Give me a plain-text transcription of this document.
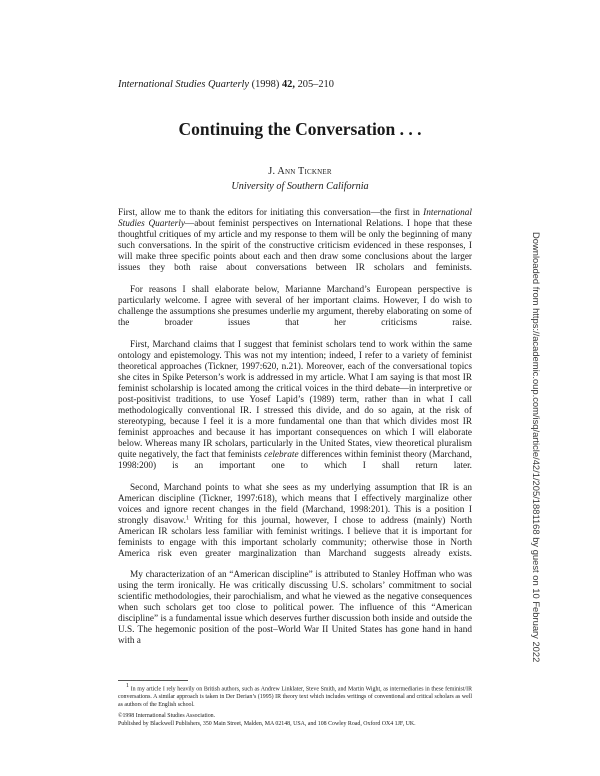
International Studies Quarterly (1998) 42, 205–210
Continuing the Conversation . . .
J. Ann Tickner
University of Southern California

First, allow me to thank the editors for initiating this conversation—the first in International Studies Quarterly—about feminist perspectives on International Relations. I hope that these thoughtful critiques of my article and my response to them will be only the beginning of many such conversations. In the spirit of the constructive criticism evidenced in these responses, I will make three specific points about each and then draw some conclusions about the larger issues they both raise about conversations between IR scholars and feminists.

For reasons I shall elaborate below, Marianne Marchand’s European perspective is particularly welcome. I agree with several of her important claims. However, I do wish to challenge the assumptions she presumes underlie my argument, thereby elaborating on some of the broader issues that her criticisms raise.

First, Marchand claims that I suggest that feminist scholars tend to work within the same ontology and epistemology. This was not my intention; indeed, I refer to a variety of feminist theoretical approaches (Tickner, 1997:620, n.21). Moreover, each of the conversational topics she cites in Spike Peterson’s work is addressed in my article. What I am saying is that most IR feminist scholarship is located among the critical voices in the third debate—in interpretive or post-positivist traditions, to use Yosef Lapid’s (1989) term, rather than in what I call methodologically conventional IR. I stressed this divide, and do so again, at the risk of stereotyping, because I feel it is a more fundamental one than that which divides most IR feminist approaches and because it has important consequences on which I will elaborate below. Whereas many IR scholars, particularly in the United States, view theoretical pluralism quite negatively, the fact that feminists celebrate differences within feminist theory (Marchand, 1998:200) is an important one to which I shall return later.

Second, Marchand points to what she sees as my underlying assumption that IR is an American discipline (Tickner, 1997:618), which means that I effectively marginalize other voices and ignore recent changes in the field (Marchand, 1998:201). This is a position I strongly disavow.$^1$ Writing for this journal, however, I chose to address (mainly) North American IR scholars less familiar with feminist writings. I believe that it is important for feminists to engage with this important scholarly community; otherwise those in North America risk even greater marginalization than Marchand suggests already exists.

My characterization of an “American discipline” is attributed to Stanley Hoffman who was using the term ironically. He was critically discussing U.S. scholars’ commitment to social scientific methodologies, their parochialism, and what he viewed as the negative consequences when such scholars get too close to political power. The influence of this “American discipline” is a fundamental issue which deserves further discussion both inside and outside the U.S. The hegemonic position of the post–World War II United States has gone hand in hand with a

$^1$ In my article I rely heavily on British authors, such as Andrew Linklater, Steve Smith, and Martin Wight, as intermediaries in these feminist/IR conversations. A similar approach is taken in Der Derian’s (1995) IR theory text which includes writings of conventional and critical scholars as well as authors of the English school.

©1998 International Studies Association.
Published by Blackwell Publishers, 350 Main Street, Malden, MA 02148, USA, and 108 Cowley Road, Oxford OX4 1JF, UK.
Downloaded from https://academic.oup.com/isq/article/42/1/205/1881168 by guest on 10 February 2022
